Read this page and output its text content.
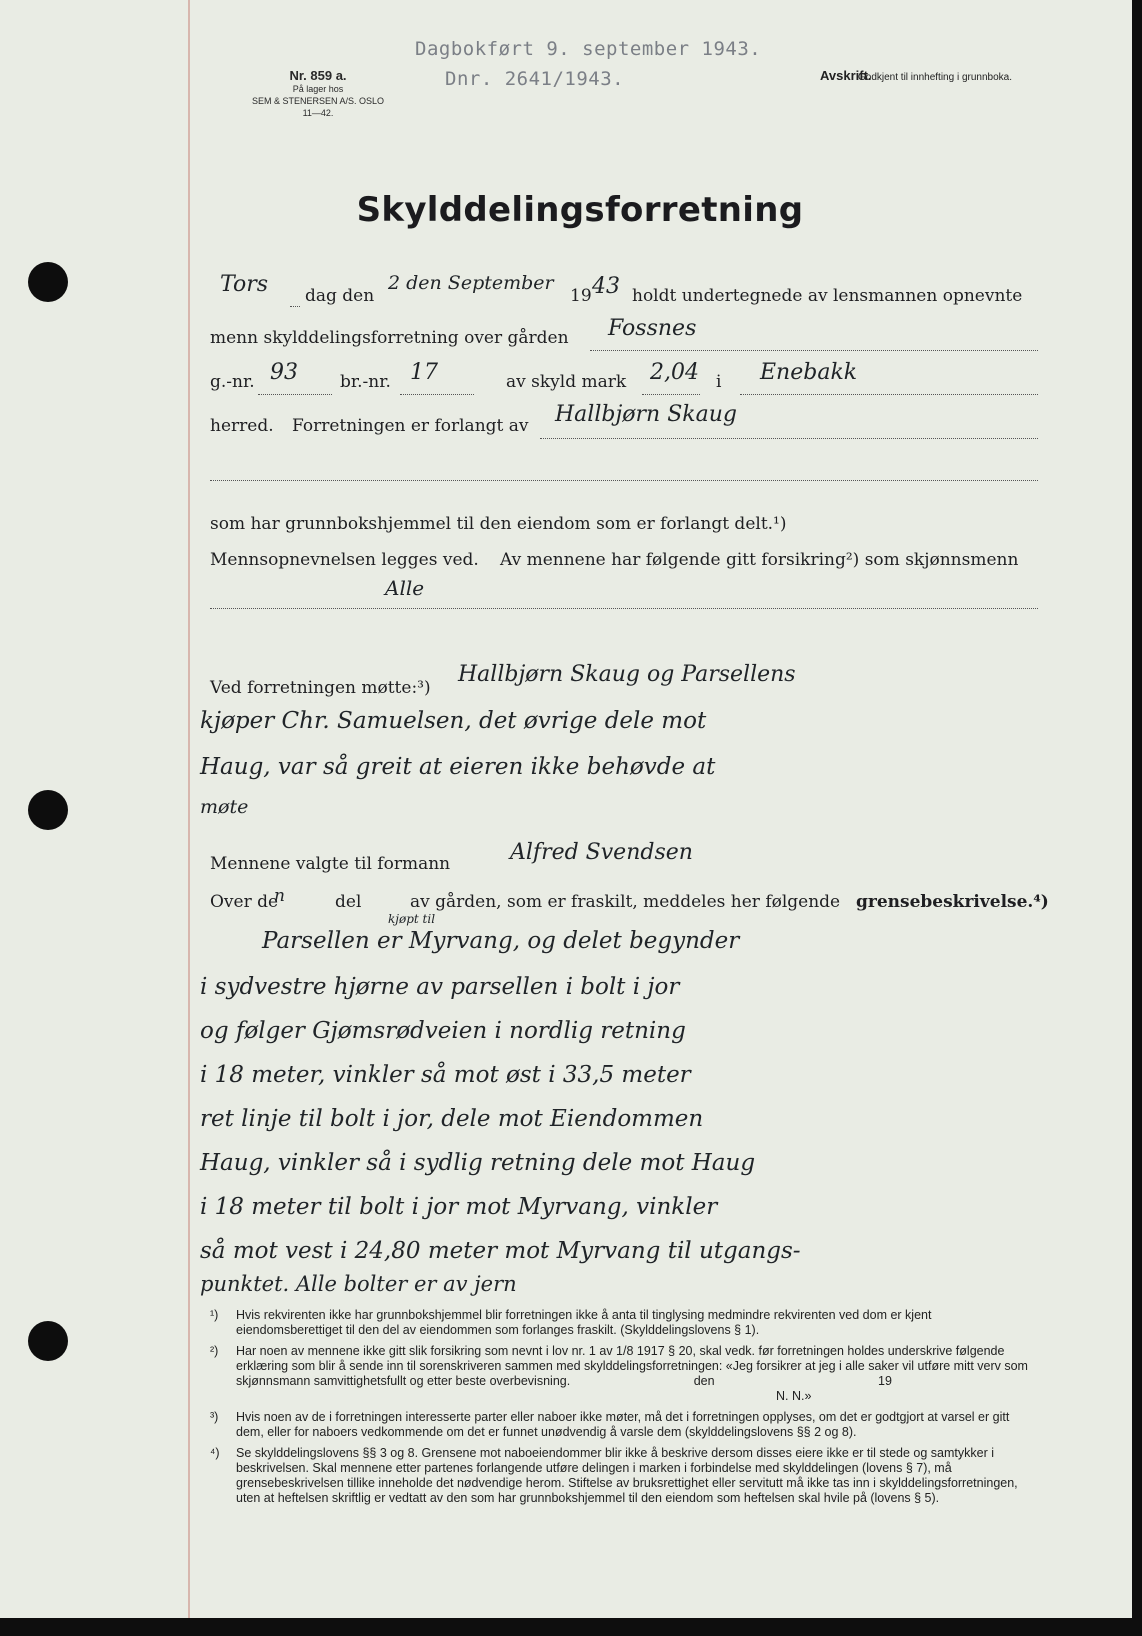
Dagbokført 9. september 1943.
Dnr. 2641/1943.
Nr. 859 a.
På lager hos
SEM & STENERSEN A/S. OSLO
11—42.
Avskrift.
Godkjent til innhefting i grunnboka.
Skylddelingsforretning
Tors dag den
2 den September
19 43 holdt undertegnede av lensmannen opnevnte
menn skylddelingsforretning over gården Fossnes
g.-nr. 93 br.-nr. 17	av skyld mark 2,04 i Enebakk
herred. Forretningen er forlangt av Hallbjørn Skaug
som har grunnbokshjemmel til den eiendom som er forlangt delt.¹)
Mennsopnevnelsen legges ved. Av mennene har følgende gitt forsikring²) som skjønnsmenn
Alle
Ved forretningen møtte:³)
Hallbjørn Skaug og Parsellens
kjøper Chr. Samuelsen, det øvrige dele mot
Haug, var så greit at eieren ikke behøvde at
møte
Mennene valgte til formann	Alfred Svendsen
Over de
n	del	av gården, som er fraskilt, meddeles her følgende grensebeskrivelse.⁴)
kjøpt til
Parsellen er Myrvang, og delet begynder
i sydvestre hjørne av parsellen i bolt i jor
og følger Gjømsrødveien i nordlig retning
i 18 meter, vinkler så mot øst i 33,5 meter
ret linje til bolt i jor, dele mot Eiendommen
Haug, vinkler så i sydlig retning dele mot Haug
i 18 meter til bolt i jor mot Myrvang, vinkler
så mot vest i 24,80 meter mot Myrvang til utgangs-
punktet. Alle bolter er av jern
¹) Hvis rekvirenten ikke har grunnbokshjemmel blir forretningen ikke å anta til tinglysing medmindre rekvirenten ved dom er kjent eiendomsberettiget til den del av eiendommen som forlanges fraskilt. (Skylddelingslovens § 1).
²) Har noen av mennene ikke gitt slik forsikring som nevnt i lov nr. 1 av 1/8 1917 § 20, skal vedk. før forretningen holdes underskrive følgende erklæring som blir å sende inn til sorenskriveren sammen med skylddelingsforretningen: «Jeg forsikrer at jeg i alle saker vil utføre mitt verv som skjønnsmann samvittighetsfullt og etter beste overbevisning.	den	19
N. N.»
³) Hvis noen av de i forretningen interesserte parter eller naboer ikke møter, må det i forretningen opplyses, om det er godtgjort at varsel er gitt dem, eller for naboers vedkommende om det er funnet unødvendig å varsle dem (skylddelingslovens §§ 2 og 8).
⁴) Se skylddelingslovens §§ 3 og 8. Grensene mot naboeiendommer blir ikke å beskrive dersom disses eiere ikke er til stede og samtykker i beskrivelsen. Skal mennene etter partenes forlangende utføre delingen i marken i forbindelse med skylddelingen (lovens § 7), må grensebeskrivelsen tillike inneholde det nødvendige herom. Stiftelse av bruksrettighet eller servitutt må ikke tas inn i skylddelingsforretningen, uten at heftelsen skriftlig er vedtatt av den som har grunnbokshjemmel til den eiendom som heftelsen skal hvile på (lovens § 5).
